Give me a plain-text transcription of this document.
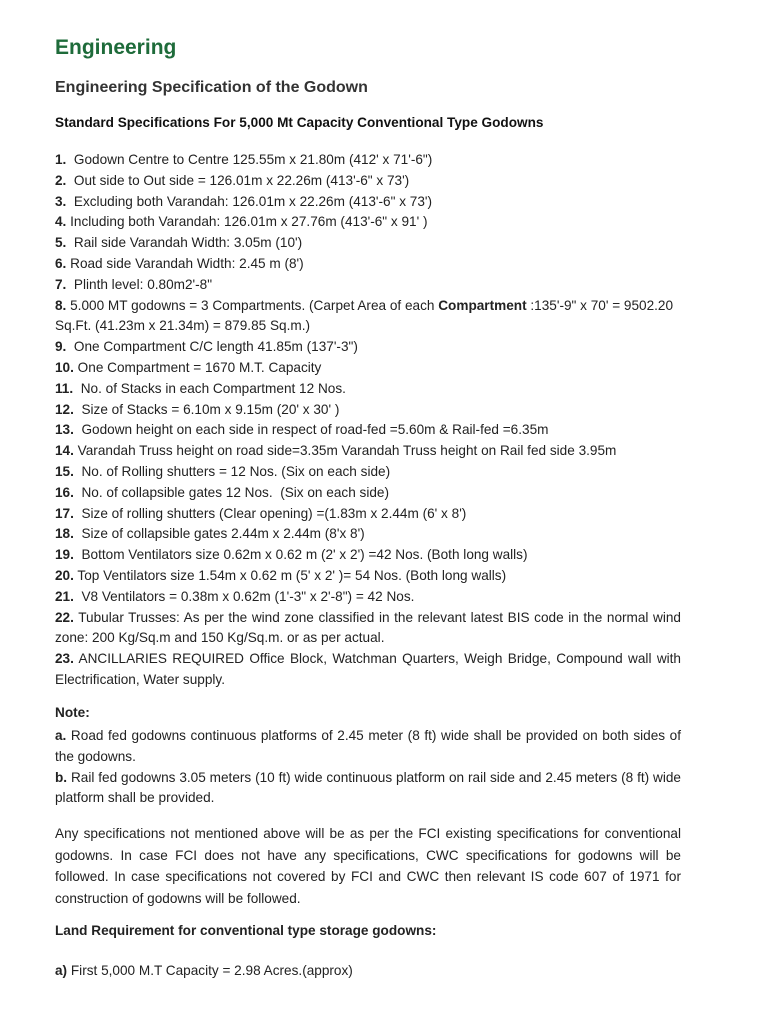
Engineering
Engineering Specification of the Godown
Standard Specifications For 5,000 Mt Capacity Conventional Type Godowns
1.  Godown Centre to Centre 125.55m x 21.80m (412' x 71'-6")
2.  Out side to Out side = 126.01m x 22.26m (413'-6" x 73')
3.  Excluding both Varandah: 126.01m x 22.26m (413'-6" x 73')
4. Including both Varandah: 126.01m x 27.76m (413'-6" x 91' )
5.  Rail side Varandah Width: 3.05m (10')
6. Road side Varandah Width: 2.45 m (8')
7.  Plinth level: 0.80m2'-8"
8. 5.000 MT godowns = 3 Compartments. (Carpet Area of each Compartment :135'-9" x 70' = 9502.20 Sq.Ft. (41.23m x 21.34m) = 879.85 Sq.m.)
9.  One Compartment C/C length 41.85m (137'-3")
10. One Compartment = 1670 M.T. Capacity
11.  No. of Stacks in each Compartment 12 Nos.
12.  Size of Stacks = 6.10m x 9.15m (20' x 30' )
13.  Godown height on each side in respect of road-fed =5.60m & Rail-fed =6.35m
14. Varandah Truss height on road side=3.35m Varandah Truss height on Rail fed side 3.95m
15.  No. of Rolling shutters = 12 Nos. (Six on each side)
16.  No. of collapsible gates 12 Nos.  (Six on each side)
17.  Size of rolling shutters (Clear opening) =(1.83m x 2.44m (6' x 8')
18.  Size of collapsible gates 2.44m x 2.44m (8'x 8')
19.  Bottom Ventilators size 0.62m x 0.62 m (2' x 2') =42 Nos. (Both long walls)
20. Top Ventilators size 1.54m x 0.62 m (5' x 2' )= 54 Nos. (Both long walls)
21.  V8 Ventilators = 0.38m x 0.62m (1'-3" x 2'-8") = 42 Nos.
22. Tubular Trusses: As per the wind zone classified in the relevant latest BIS code in the normal wind zone: 200 Kg/Sq.m and 150 Kg/Sq.m. or as per actual.
23. ANCILLARIES REQUIRED Office Block, Watchman Quarters, Weigh Bridge, Compound wall with Electrification, Water supply.
Note:
a. Road fed godowns continuous platforms of 2.45 meter (8 ft) wide shall be provided on both sides of the godowns.
b. Rail fed godowns 3.05 meters (10 ft) wide continuous platform on rail side and 2.45 meters (8 ft) wide platform shall be provided.
Any specifications not mentioned above will be as per the FCI existing specifications for conventional godowns. In case FCI does not have any specifications, CWC specifications for godowns will be followed. In case specifications not covered by FCI and CWC then relevant IS code 607 of 1971 for construction of godowns will be followed.
Land Requirement for conventional type storage godowns:
a) First 5,000 M.T Capacity = 2.98 Acres.(approx)
